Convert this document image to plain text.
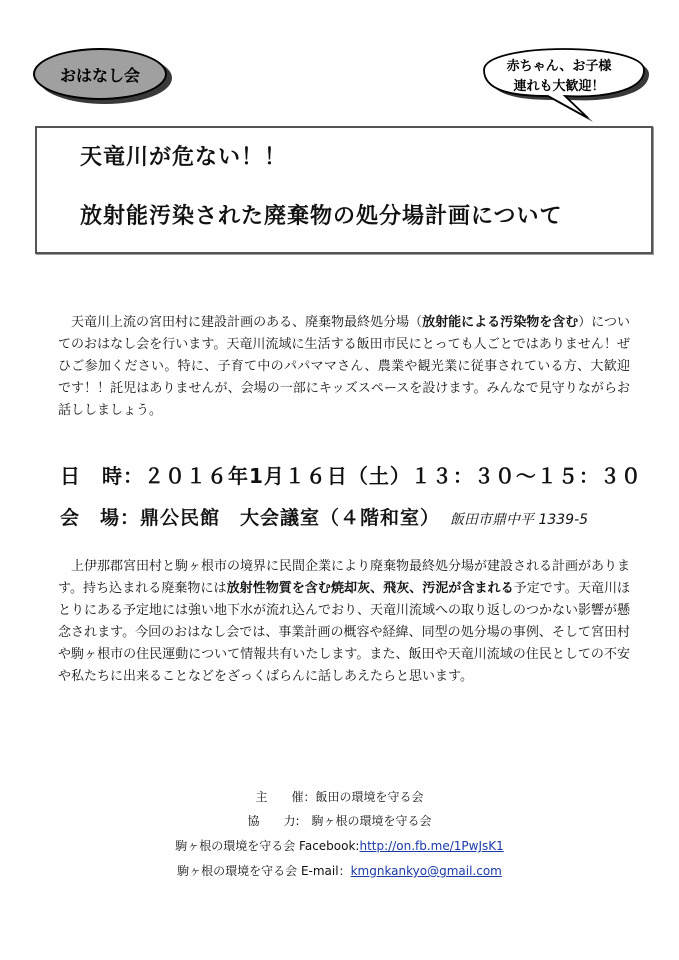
おはなし会	赤ちゃん、お子様
連れも大歓迎！
天竜川が危ない！！
放射能汚染された廃棄物の処分場計画について
　天竜川上流の宮田村に建設計画のある、廃棄物最終処分場（放射能による汚染物を含む）についてのおはなし会を行います。天竜川流域に生活する飯田市民にとっても人ごとではありません！ぜひご参加ください。特に、子育て中のパパママさん、農業や観光業に従事されている方、大歓迎です！！託児はありませんが、会場の一部にキッズスペースを設けます。みんなで見守りながらお話ししましょう。
日　時：２０１６年1月１６日（土）１３：３０〜１５：３０
会　場：鼎公民館　大会議室（４階和室） 飯田市鼎中平 1339-5
　上伊那郡宮田村と駒ヶ根市の境界に民間企業により廃棄物最終処分場が建設される計画があります。持ち込まれる廃棄物には放射性物質を含む焼却灰、飛灰、汚泥が含まれる予定です。天竜川ほとりにある予定地には強い地下水が流れ込んでおり、天竜川流域への取り返しのつかない影響が懸念されます。今回のおはなし会では、事業計画の概容や経緯、同型の処分場の事例、そして宮田村や駒ヶ根市の住民運動について情報共有いたします。また、飯田や天竜川流域の住民としての不安や私たちに出来ることなどをざっくばらんに話しあえたらと思います。
主　　催：飯田の環境を守る会
協　　力:　駒ヶ根の環境を守る会
駒ヶ根の環境を守る会 Facebook:http://on.fb.me/1PwJsK1
駒ヶ根の環境を守る会 E-mail：kmgnkankyo@gmail.com
